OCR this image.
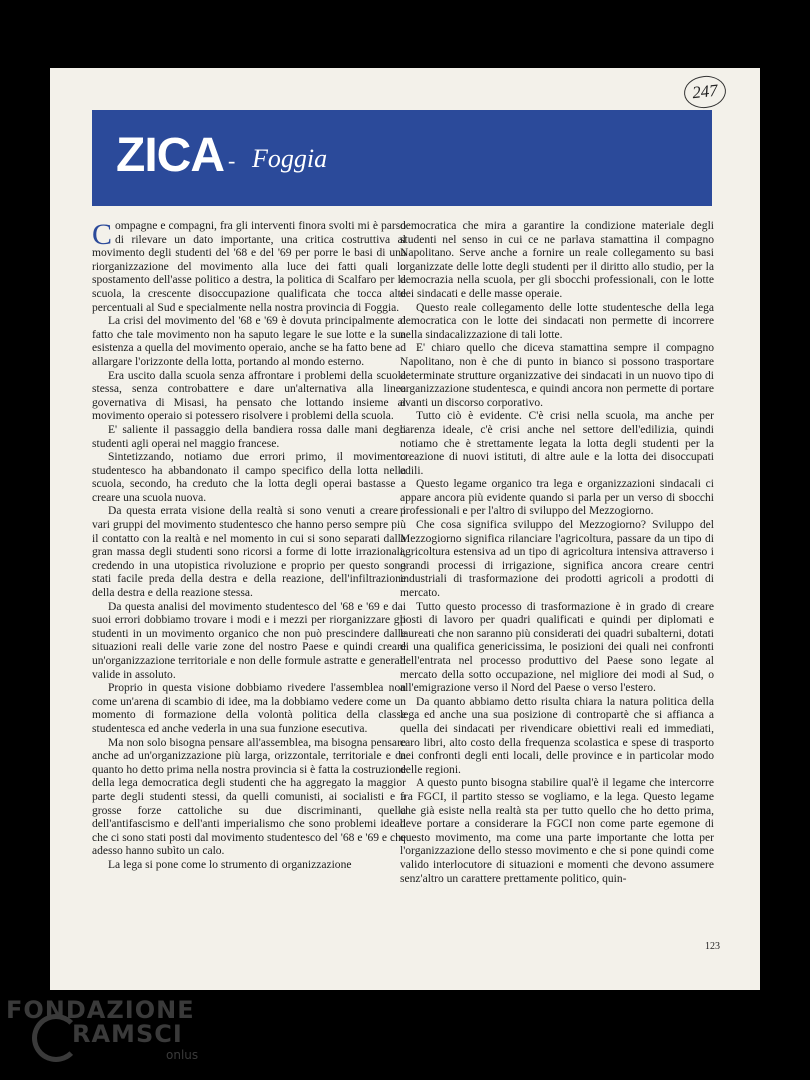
247
ZICA - Foggia

Compagne e compagni, fra gli interventi finora svolti mi è parso di rilevare un dato importante, una critica costruttiva al movimento degli studenti del '68 e del '69 per porre le basi di una riorganizzazione del movimento alla luce dei fatti quali lo spostamento dell'asse politico a destra, la politica di Scalfaro per la scuola, la crescente disoccupazione qualificata che tocca alte percentuali al Sud e specialmente nella nostra provincia di Foggia.

La crisi del movimento del '68 e '69 è dovuta principalmente al fatto che tale movimento non ha saputo legare le sue lotte e la sua esistenza a quella del movimento operaio, anche se ha fatto bene ad allargare l'orizzonte della lotta, portando al mondo esterno.

Era uscito dalla scuola senza affrontare i problemi della scuola stessa, senza controbattere e dare un'alternativa alla linea governativa di Misasi, ha pensato che lottando insieme al movimento operaio si potessero risolvere i problemi della scuola.

E' saliente il passaggio della bandiera rossa dalle mani degli studenti agli operai nel maggio francese.

Sintetizzando, notiamo due errori primo, il movimento studentesco ha abbandonato il campo specifico della lotta nella scuola, secondo, ha creduto che la lotta degli operai bastasse a creare una scuola nuova.

Da questa errata visione della realtà si sono venuti a creare i vari gruppi del movimento studentesco che hanno perso sempre più il contatto con la realtà e nel momento in cui si sono separati dalla gran massa degli studenti sono ricorsi a forme di lotte irrazionali, credendo in una utopistica rivoluzione e proprio per questo sono stati facile preda della destra e della reazione, dell'infiltrazione della destra e della reazione stessa.

Da questa analisi del movimento studentesco del '68 e '69 e dai suoi errori dobbiamo trovare i modi e i mezzi per riorganizzare gli studenti in un movimento organico che non può prescindere dalle situazioni reali delle varie zone del nostro Paese e quindi creare un'organizzazione territoriale e non delle formule astratte e generali valide in assoluto.

Proprio in questa visione dobbiamo rivedere l'assemblea non come un'arena di scambio di idee, ma la dobbiamo vedere come un momento di formazione della volontà politica della classe studentesca ed anche vederla in una sua funzione esecutiva.

Ma non solo bisogna pensare all'assemblea, ma bisogna pensare anche ad un'organizzazione più larga, orizzontale, territoriale e da quanto ho detto prima nella nostra provincia si è fatta la costruzione della lega democratica degli studenti che ha aggregato la maggior parte degli studenti stessi, da quelli comunisti, ai socialisti e a grosse forze cattoliche su due discriminanti, quella dell'antifascismo e dell'anti imperialismo che sono problemi ideali che ci sono stati posti dal movimento studentesco del '68 e '69 e che adesso hanno subìto un calo.

La lega si pone come lo strumento di organizzazione

democratica che mira a garantire la condizione materiale degli studenti nel senso in cui ce ne parlava stamattina il compagno Napolitano. Serve anche a fornire un reale collegamento su basi organizzate delle lotte degli studenti per il diritto allo studio, per la democrazia nella scuola, per gli sbocchi professionali, con le lotte dei sindacati e delle masse operaie.

Questo reale collegamento delle lotte studentesche della lega democratica con le lotte dei sindacati non permette di incorrere nella sindacalizzazione di tali lotte.

E' chiaro quello che diceva stamattina sempre il compagno Napolitano, non è che di punto in bianco si possono trasportare determinate strutture organizzative dei sindacati in un nuovo tipo di organizzazione studentesca, e quindi ancora non permette di portare avanti un discorso corporativo.

Tutto ciò è evidente. C'è crisi nella scuola, ma anche per carenza ideale, c'è crisi anche nel settore dell'edilizia, quindi notiamo che è strettamente legata la lotta degli studenti per la creazione di nuovi istituti, di altre aule e la lotta dei disoccupati edili.

Questo legame organico tra lega e organizzazioni sindacali ci appare ancora più evidente quando si parla per un verso di sbocchi professionali e per l'altro di sviluppo del Mezzogiorno.

Che cosa significa sviluppo del Mezzogiorno? Sviluppo del Mezzogiorno significa rilanciare l'agricoltura, passare da un tipo di agricoltura estensiva ad un tipo di agricoltura intensiva attraverso i grandi processi di irrigazione, significa ancora creare centri industriali di trasformazione dei prodotti agricoli a prodotti di mercato.

Tutto questo processo di trasformazione è in grado di creare posti di lavoro per quadri qualificati e quindi per diplomati e laureati che non saranno più considerati dei quadri subalterni, dotati di una qualifica genericissima, le posizioni dei quali nei confronti dell'entrata nel processo produttivo del Paese sono legate al mercato della sotto occupazione, nel migliore dei modi al Sud, o all'emigrazione verso il Nord del Paese o verso l'estero.

Da quanto abbiamo detto risulta chiara la natura politica della lega ed anche una sua posizione di contropartè che si affianca a quella dei sindacati per rivendicare obiettivi reali ed immediati, caro libri, alto costo della frequenza scolastica e spese di trasporto nei confronti degli enti locali, delle province e in particolar modo delle regioni.

A questo punto bisogna stabilire qual'è il legame che intercorre fra FGCI, il partito stesso se vogliamo, e la lega. Questo legame che già esiste nella realtà sta per tutto quello che ho detto prima, deve portare a considerare la FGCI non come parte egemone di questo movimento, ma come una parte importante che lotta per l'organizzazione dello stesso movimento e che si pone quindi come valido interlocutore di situazioni e momenti che devono assumere senz'altro un carattere prettamente politico, quin-

123
FONDAZIONE
RAMSCI
onlus
